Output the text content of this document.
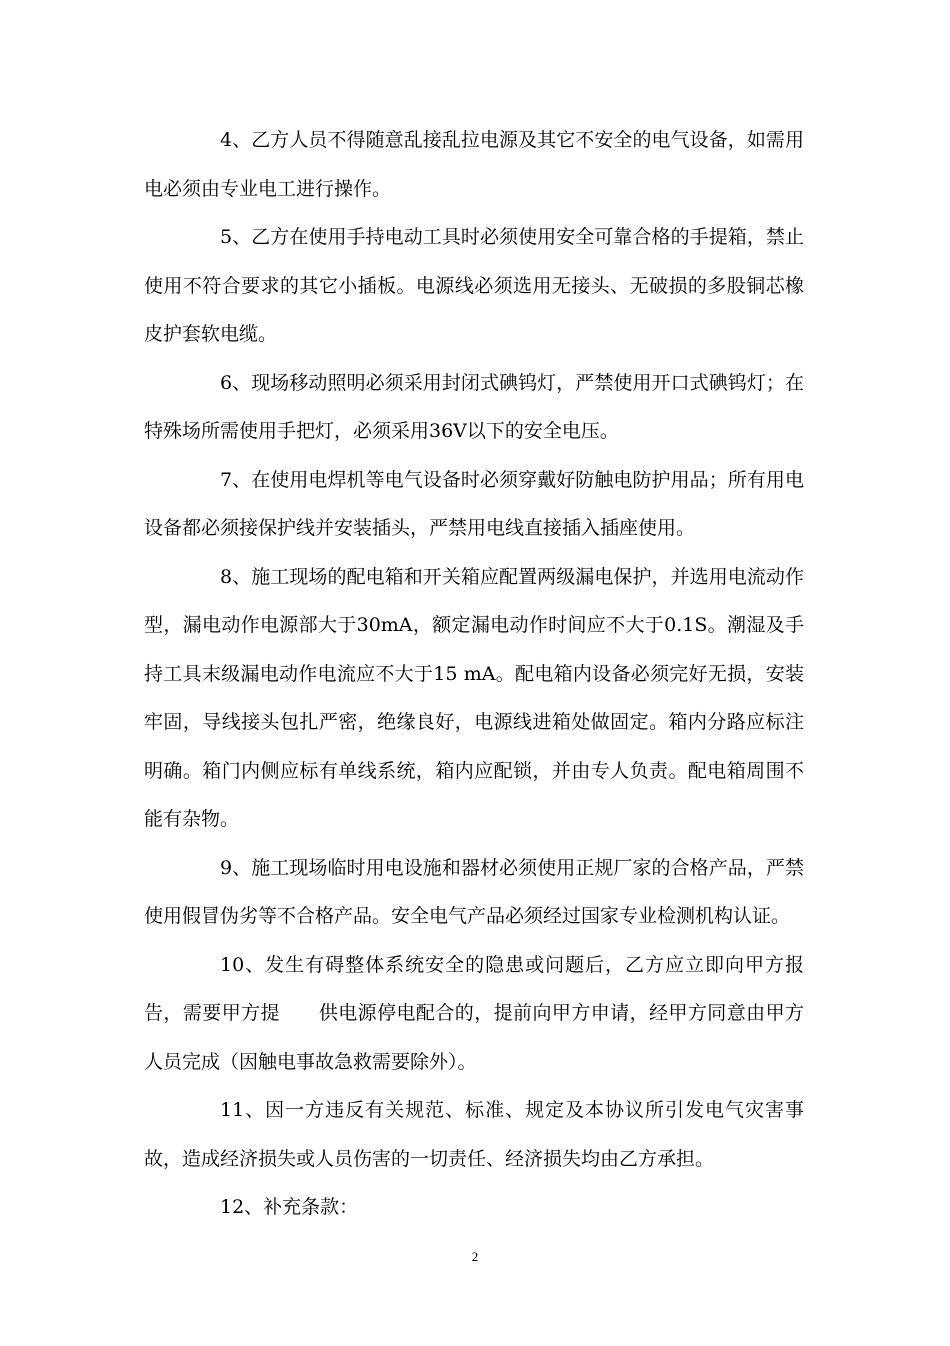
4、乙方人员不得随意乱接乱拉电源及其它不安全的电气设备，如需用电必须由专业电工进行操作。

5、乙方在使用手持电动工具时必须使用安全可靠合格的手提箱，禁止使用不符合要求的其它小插板。电源线必须选用无接头、无破损的多股铜芯橡皮护套软电缆。

6、现场移动照明必须采用封闭式碘钨灯，严禁使用开口式碘钨灯；在特殊场所需使用手把灯，必须采用36V以下的安全电压。

7、在使用电焊机等电气设备时必须穿戴好防触电防护用品；所有用电设备都必须接保护线并安装插头，严禁用电线直接插入插座使用。

8、施工现场的配电箱和开关箱应配置两级漏电保护，并选用电流动作型，漏电动作电源部大于30mA，额定漏电动作时间应不大于0.1S。潮湿及手持工具末级漏电动作电流应不大于15 mA。配电箱内设备必须完好无损，安装牢固，导线接头包扎严密，绝缘良好，电源线进箱处做固定。箱内分路应标注明确。箱门内侧应标有单线系统，箱内应配锁，并由专人负责。配电箱周围不能有杂物。

9、施工现场临时用电设施和器材必须使用正规厂家的合格产品，严禁使用假冒伪劣等不合格产品。安全电气产品必须经过国家专业检测机构认证。

10、发生有碍整体系统安全的隐患或问题后，乙方应立即向甲方报告，需要甲方提　　供电源停电配合的，提前向甲方申请，经甲方同意由甲方人员完成（因触电事故急救需要除外）。

11、因一方违反有关规范、标准、规定及本协议所引发电气灾害事故，造成经济损失或人员伤害的一切责任、经济损失均由乙方承担。

12、补充条款：

2
